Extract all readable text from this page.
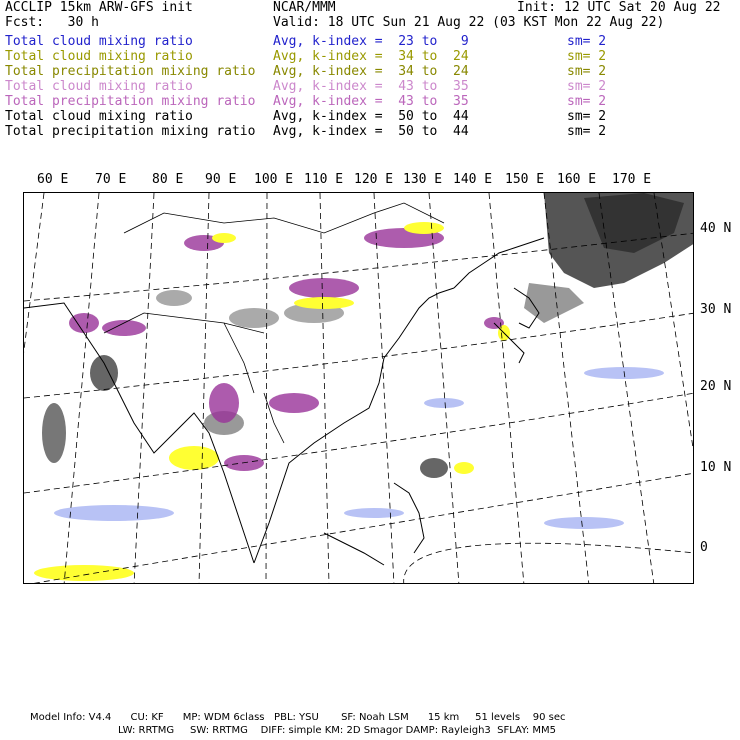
ACCLIP 15km ARW-GFS init	NCAR/MMM	Init: 12 UTC Sat 20 Aug 22
Fcst:   30 h	Valid: 18 UTC Sun 21 Aug 22 (03 KST Mon 22 Aug 22)
Total cloud mixing ratio	Avg, k-index =  23 to   9	sm= 2
Total cloud mixing ratio	Avg, k-index =  34 to  24	sm= 2
Total precipitation mixing ratio Avg, k-index =  34 to  24	sm= 2
Total cloud mixing ratio	Avg, k-index =  43 to  35	sm= 2
Total precipitation mixing ratio Avg, k-index =  43 to  35	sm= 2
Total cloud mixing ratio	Avg, k-index =  50 to  44	sm= 2
Total precipitation mixing ratio Avg, k-index =  50 to  44	sm= 2
60 E 70 E 80 E 90 E 100 E 110 E 120 E 130 E 140 E 150 E 160 E 170 E
40 N
30 N
20 N
10 N
0
Model Info: V4.4      CU: KF      MP: WDM 6class   PBL: YSU       SF: Noah LSM      15 km     51 levels    90 sec
LW: RRTMG     SW: RRTMG    DIFF: simple KM: 2D Smagor DAMP: Rayleigh3  SFLAY: MM5
